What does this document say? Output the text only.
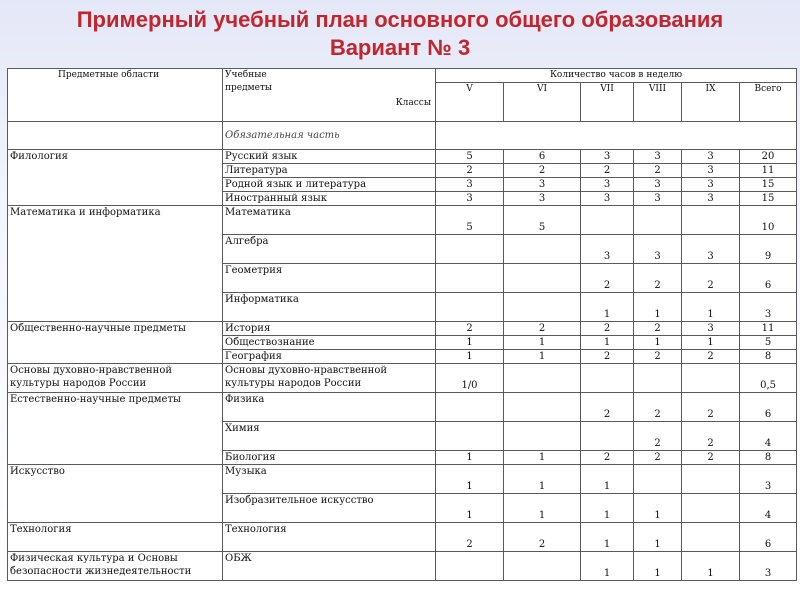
Примерный учебный план основного общего образования
Вариант № 3
Предметные области	Учебные предметы
Классы	Количество часов в неделю					
		V	VI	VII	VIII	IX	Всего
	Обязательная часть						
Филология	Русский язык	5	6	3	3	3	20
	Литература	2	2	2	2	3	11
	Родной язык и литература	3	3	3	3	3	15
	Иностранный язык	3	3	3	3	3	15
Математика и информатика	Математика	5	5				10
	Алгебра			3	3	3	9
	Геометрия			2	2	2	6
	Информатика			1	1	1	3
Общественно-научные предметы	История	2	2	2	2	3	11
	Обществознание	1	1	1	1	1	5
	География	1	1	2	2	2	8
Основы духовно-нравственной культуры народов России	Основы духовно-нравственной культуры народов России	1/0					0,5
Естественно-научные предметы	Физика			2	2	2	6
	Химия				2	2	4
	Биология	1	1	2	2	2	8
Искусство	Музыка	1	1	1			3
	Изобразительное искусство	1	1	1	1		4
Технология	Технология	2	2	1	1		6
Физическая культура и Основы безопасности жизнедеятельности	ОБЖ			1	1	1	3
